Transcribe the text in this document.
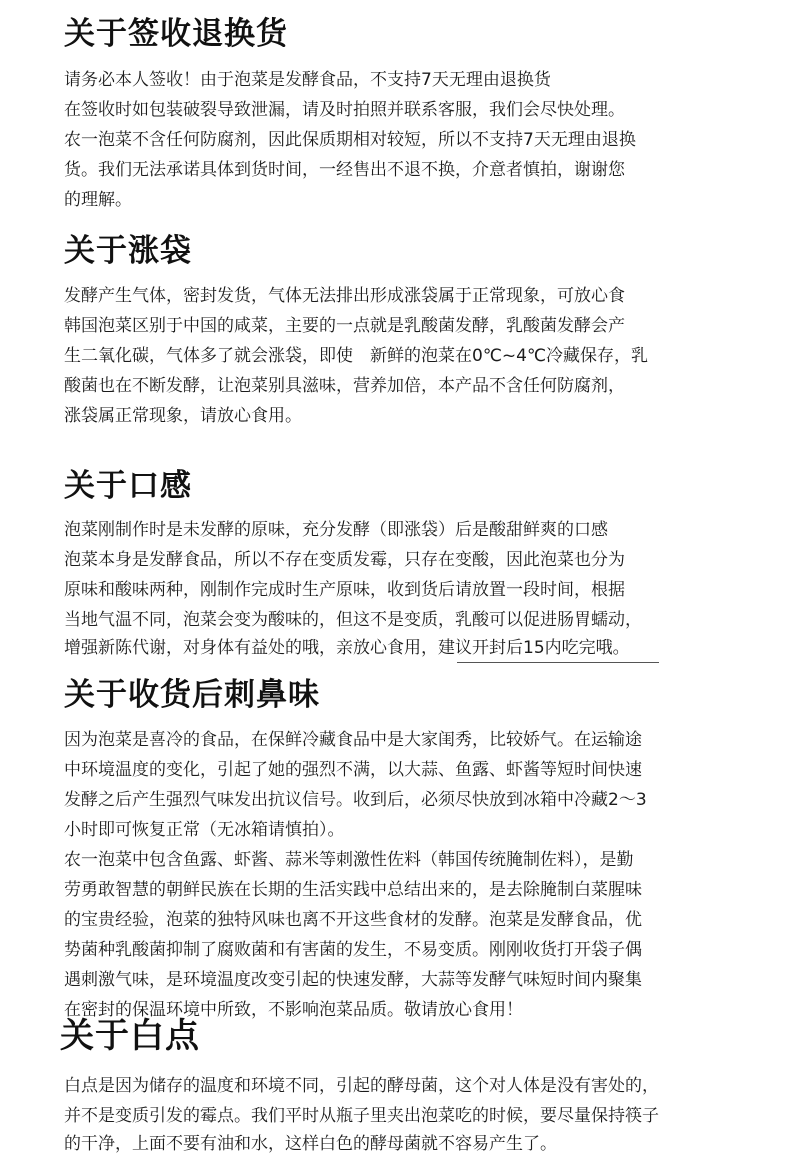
关于签收退换货

请务必本人签收！由于泡菜是发酵食品，不支持7天无理由退换货

在签收时如包装破裂导致泄漏，请及时拍照并联系客服，我们会尽快处理。

农一泡菜不含任何防腐剂，因此保质期相对较短，所以不支持7天无理由退换

货。我们无法承诺具体到货时间，一经售出不退不换，介意者慎拍，谢谢您

的理解。

关于涨袋

发酵产生气体，密封发货，气体无法排出形成涨袋属于正常现象，可放心食

韩国泡菜区别于中国的咸菜，主要的一点就是乳酸菌发酵，乳酸菌发酵会产

生二氧化碳，气体多了就会涨袋，即使　新鲜的泡菜在0℃~4℃冷藏保存，乳

酸菌也在不断发酵，让泡菜别具滋味，营养加倍，本产品不含任何防腐剂，

涨袋属正常现象，请放心食用。

关于口感

泡菜刚制作时是未发酵的原味，充分发酵（即涨袋）后是酸甜鲜爽的口感

泡菜本身是发酵食品，所以不存在变质发霉，只存在变酸，因此泡菜也分为

原味和酸味两种，刚制作完成时生产原味，收到货后请放置一段时间，根据

当地气温不同，泡菜会变为酸味的，但这不是变质，乳酸可以促进肠胃蠕动，

增强新陈代谢，对身体有益处的哦，亲放心食用，建议开封后15内吃完哦。

关于收货后刺鼻味

因为泡菜是喜冷的食品，在保鲜冷藏食品中是大家闺秀，比较娇气。在运输途

中环境温度的变化，引起了她的强烈不满，以大蒜、鱼露、虾酱等短时间快速

发酵之后产生强烈气味发出抗议信号。收到后，必须尽快放到冰箱中冷藏2～3

小时即可恢复正常（无冰箱请慎拍）。

农一泡菜中包含鱼露、虾酱、蒜米等刺激性佐料（韩国传统腌制佐料），是勤

劳勇敢智慧的朝鲜民族在长期的生活实践中总结出来的，是去除腌制白菜腥味

的宝贵经验，泡菜的独特风味也离不开这些食材的发酵。泡菜是发酵食品，优

势菌种乳酸菌抑制了腐败菌和有害菌的发生，不易变质。刚刚收货打开袋子偶

遇刺激气味，是环境温度改变引起的快速发酵，大蒜等发酵气味短时间内聚集

在密封的保温环境中所致，不影响泡菜品质。敬请放心食用！

关于白点

白点是因为储存的温度和环境不同，引起的酵母菌，这个对人体是没有害处的，

并不是变质引发的霉点。我们平时从瓶子里夹出泡菜吃的时候，要尽量保持筷子

的干净，上面不要有油和水，这样白色的酵母菌就不容易产生了。
